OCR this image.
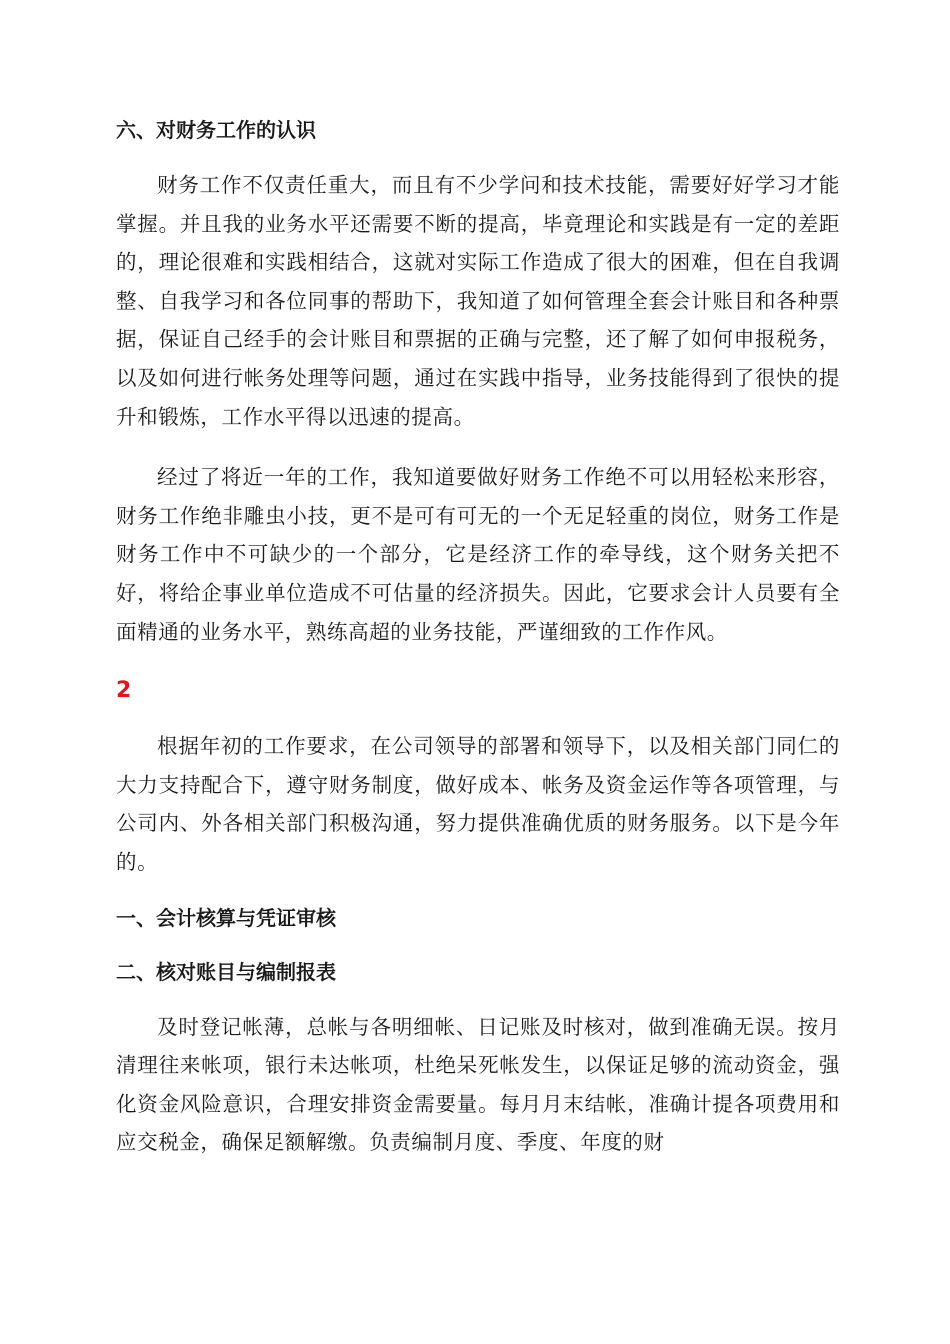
六、对财务工作的认识

财务工作不仅责任重大，而且有不少学问和技术技能，需要好好学习才能掌握。并且我的业务水平还需要不断的提高，毕竟理论和实践是有一定的差距的，理论很难和实践相结合，这就对实际工作造成了很大的困难，但在自我调整、自我学习和各位同事的帮助下，我知道了如何管理全套会计账目和各种票据，保证自己经手的会计账目和票据的正确与完整，还了解了如何申报税务，以及如何进行帐务处理等问题，通过在实践中指导，业务技能得到了很快的提升和锻炼，工作水平得以迅速的提高。

经过了将近一年的工作，我知道要做好财务工作绝不可以用轻松来形容，财务工作绝非雕虫小技，更不是可有可无的一个无足轻重的岗位，财务工作是财务工作中不可缺少的一个部分，它是经济工作的牵导线，这个财务关把不好，将给企事业单位造成不可估量的经济损失。因此，它要求会计人员要有全面精通的业务水平，熟练高超的业务技能，严谨细致的工作作风。

2

根据年初的工作要求，在公司领导的部署和领导下，以及相关部门同仁的大力支持配合下，遵守财务制度，做好成本、帐务及资金运作等各项管理，与公司内、外各相关部门积极沟通，努力提供准确优质的财务服务。以下是今年的。

一、会计核算与凭证审核

二、核对账目与编制报表

及时登记帐薄，总帐与各明细帐、日记账及时核对，做到准确无误。按月清理往来帐项，银行未达帐项，杜绝呆死帐发生，以保证足够的流动资金，强化资金风险意识，合理安排资金需要量。每月月末结帐，准确计提各项费用和应交税金，确保足额解缴。负责编制月度、季度、年度的财
